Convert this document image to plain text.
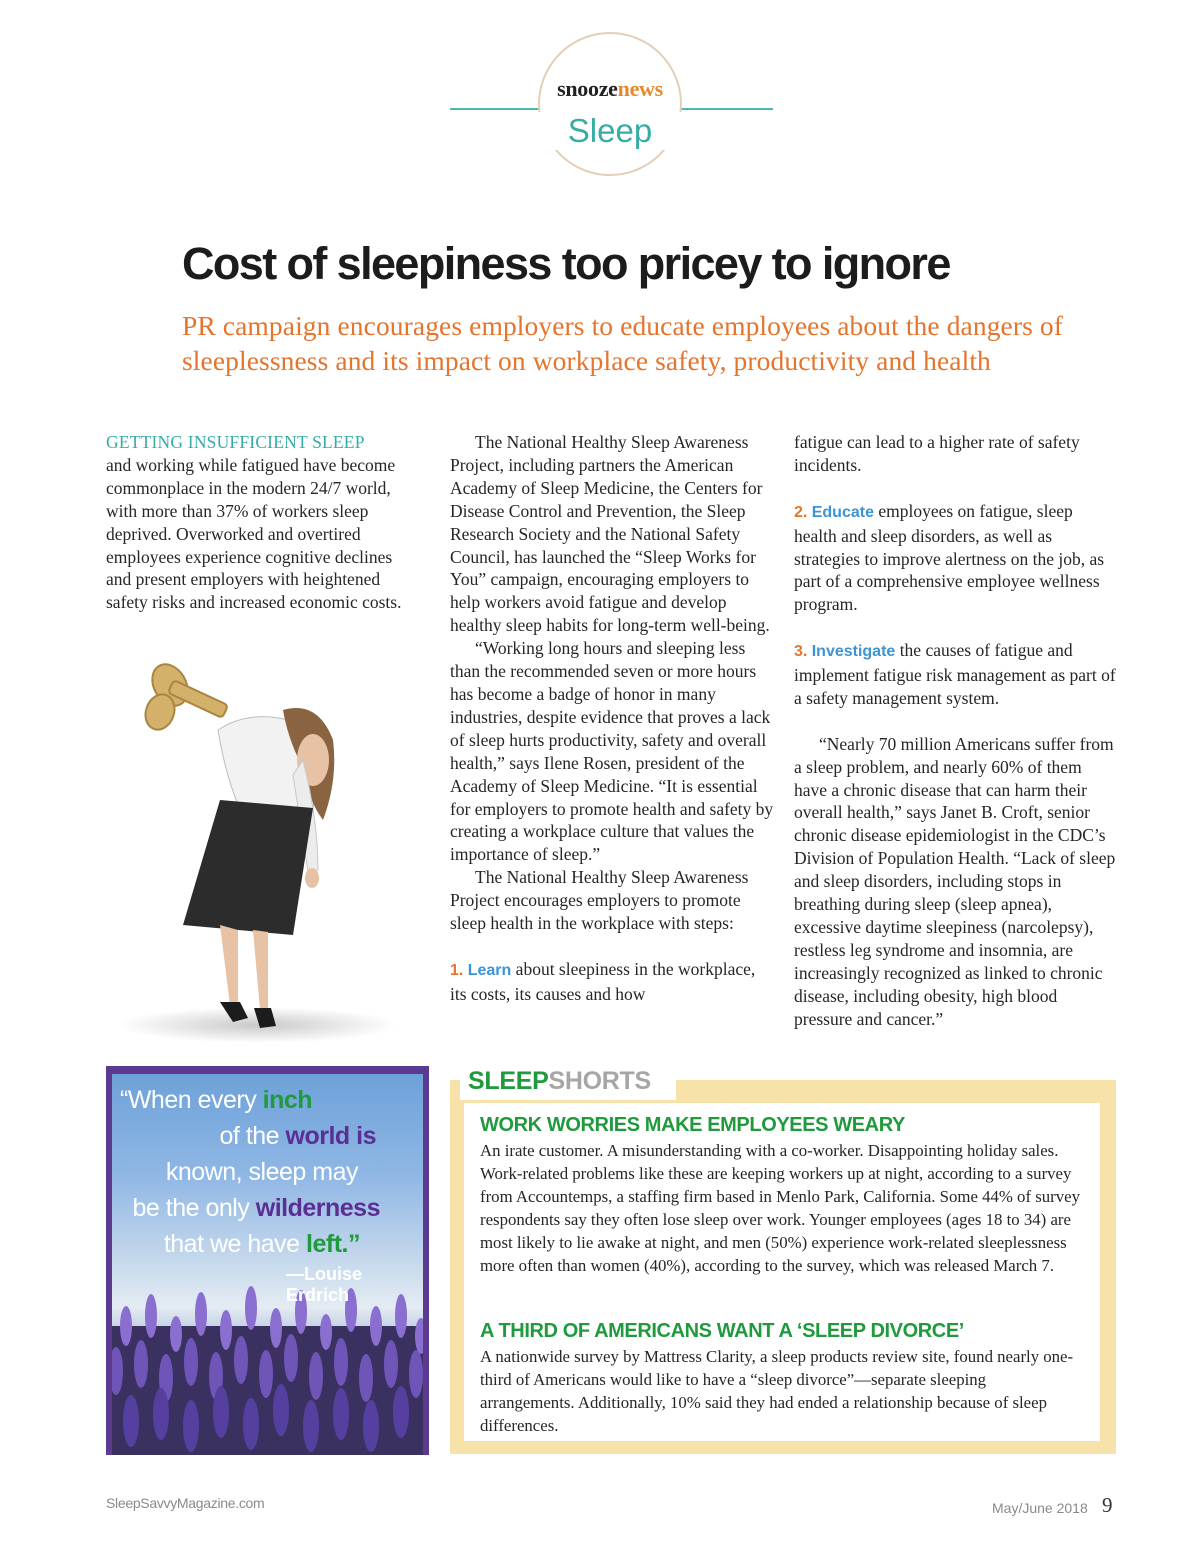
snoozenews
Sleep
Cost of sleepiness too pricey to ignore

PR campaign encourages employers to educate employees about the dangers of sleeplessness and its impact on workplace safety, productivity and health

GETTING INSUFFICIENT SLEEP

and working while fatigued have become commonplace in the modern 24/7 world, with more than 37% of workers sleep deprived. Overworked and overtired employees experience cognitive declines and present employers with heightened safety risks and increased economic costs.

The National Healthy Sleep Awareness Project, including partners the American Academy of Sleep Medicine, the Centers for Disease Control and Prevention, the Sleep Research Society and the National Safety Council, has launched the “Sleep Works for You” campaign, encouraging employers to help workers avoid fatigue and develop healthy sleep habits for long-term well-being.

“Working long hours and sleeping less than the recommended seven or more hours has become a badge of honor in many industries, despite evidence that proves a lack of sleep hurts productivity, safety and overall health,” says Ilene Rosen, president of the Academy of Sleep Medicine. “It is essential for employers to promote health and safety by creating a workplace culture that values the importance of sleep.”

The National Healthy Sleep Awareness Project encourages employers to promote sleep health in the workplace with steps:

1. Learn about sleepiness in the workplace, its costs, its causes and how

fatigue can lead to a higher rate of safety incidents.

2. Educate employees on fatigue, sleep health and sleep disorders, as well as strategies to improve alertness on the job, as part of a comprehensive employee wellness program.

3. Investigate the causes of fatigue and implement fatigue risk management as part of a safety management system.

“Nearly 70 million Americans suffer from a sleep problem, and nearly 60% of them have a chronic disease that can harm their overall health,” says Janet B. Croft, senior chronic disease epidemiologist in the CDC’s Division of Population Health. “Lack of sleep and sleep disorders, including stops in breathing during sleep (sleep apnea), excessive daytime sleepiness (narcolepsy), restless leg syndrome and insomnia, are increasingly recognized as linked to chronic disease, including obesity, high blood pressure and cancer.”

“When every inch
of the world is
known, sleep may
be the only wilderness
that we have left.”
—Louise Erdrich
SLEEPSHORTS
WORK WORRIES MAKE EMPLOYEES WEARY
An irate customer. A misunderstanding with a co-worker. Disappointing holiday sales. Work-related problems like these are keeping workers up at night, according to a survey from Accountemps, a staffing firm based in Menlo Park, California. Some 44% of survey respondents say they often lose sleep over work. Younger employees (ages 18 to 34) are most likely to lie awake at night, and men (50%) experience work-related sleeplessness more often than women (40%), according to the survey, which was released March 7.
A THIRD OF AMERICANS WANT A ‘SLEEP DIVORCE’
A nationwide survey by Mattress Clarity, a sleep products review site, found nearly one-third of Americans would like to have a “sleep divorce”—separate sleeping arrangements. Additionally, 10% said they had ended a relationship because of sleep differences.
SleepSavvyMagazine.com	May/June 2018 9
